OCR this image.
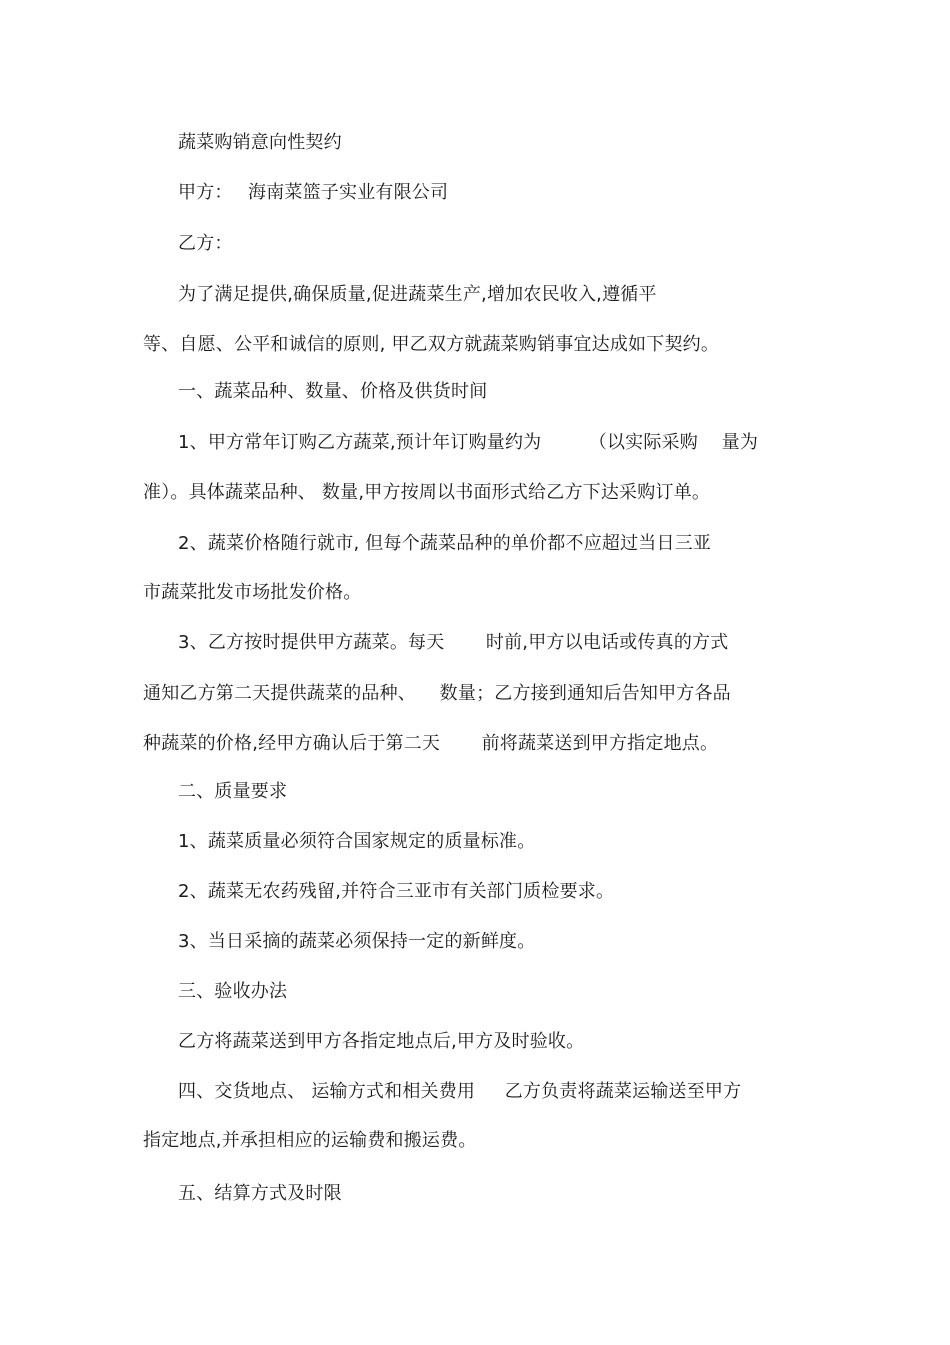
蔬菜购销意向性契约
甲方： 海南菜篮子实业有限公司
乙方：
为了满足提供,确保质量,促进蔬菜生产,增加农民收入,遵循平
等、自愿、公平和诚信的原则, 甲乙双方就蔬菜购销事宜达成如下契约。
一、蔬菜品种、数量、价格及供货时间
1、甲方常年订购乙方蔬菜,预计年订购量约为        （以实际采购    量为
准）。具体蔬菜品种、 数量,甲方按周以书面形式给乙方下达采购订单。
2、蔬菜价格随行就市, 但每个蔬菜品种的单价都不应超过当日三亚
市蔬菜批发市场批发价格。
3、乙方按时提供甲方蔬菜。每天       时前,甲方以电话或传真的方式
通知乙方第二天提供蔬菜的品种、    数量；乙方接到通知后告知甲方各品
种蔬菜的价格,经甲方确认后于第二天       前将蔬菜送到甲方指定地点。
二、质量要求
1、蔬菜质量必须符合国家规定的质量标准。
2、蔬菜无农药残留,并符合三亚市有关部门质检要求。
3、当日采摘的蔬菜必须保持一定的新鲜度。
三、验收办法
乙方将蔬菜送到甲方各指定地点后,甲方及时验收。
四、交货地点、 运输方式和相关费用     乙方负责将蔬菜运输送至甲方
指定地点,并承担相应的运输费和搬运费。
五、结算方式及时限
